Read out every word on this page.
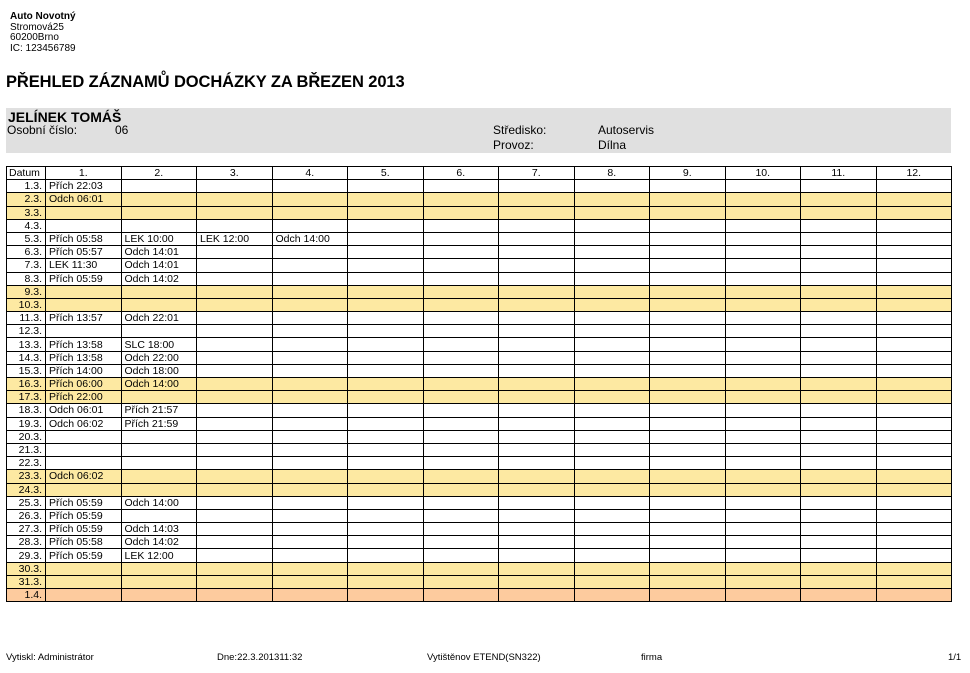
Auto Novotný
Stromová25
60200Brno
IC: 123456789
PŘEHLED ZÁZNAMŮ DOCHÁZKY ZA BŘEZEN 2013
JELÍNEK TOMÁŠ
Osobní číslo:	06	Středisko:	Autoservis
Provoz:	Dílna
Datum	1.	2.	3.	4.	5.	6.	7.	8.	9.	10.	11.	12.
1.3.	Přích 22:03											
2.3.	Odch 06:01											
3.3.												
4.3.												
5.3.	Přích 05:58	LEK 10:00	LEK 12:00	Odch 14:00								
6.3.	Přích 05:57	Odch 14:01										
7.3.	LEK 11:30	Odch 14:01										
8.3.	Přích 05:59	Odch 14:02										
9.3.												
10.3.												
11.3.	Přích 13:57	Odch 22:01										
12.3.												
13.3.	Přích 13:58	SLC 18:00										
14.3.	Přích 13:58	Odch 22:00										
15.3.	Přích 14:00	Odch 18:00										
16.3.	Přích 06:00	Odch 14:00										
17.3.	Přích 22:00											
18.3.	Odch 06:01	Přích 21:57										
19.3.	Odch 06:02	Přích 21:59										
20.3.												
21.3.												
22.3.												
23.3.	Odch 06:02											
24.3.												
25.3.	Přích 05:59	Odch 14:00										
26.3.	Přích 05:59											
27.3.	Přích 05:59	Odch 14:03										
28.3.	Přích 05:58	Odch 14:02										
29.3.	Přích 05:59	LEK 12:00										
30.3.												
31.3.												
1.4.												
Vytiskl: Administrátor	Dne:22.3.201311:32	Vytištěnov ETEND(SN322)	firma	1/1
